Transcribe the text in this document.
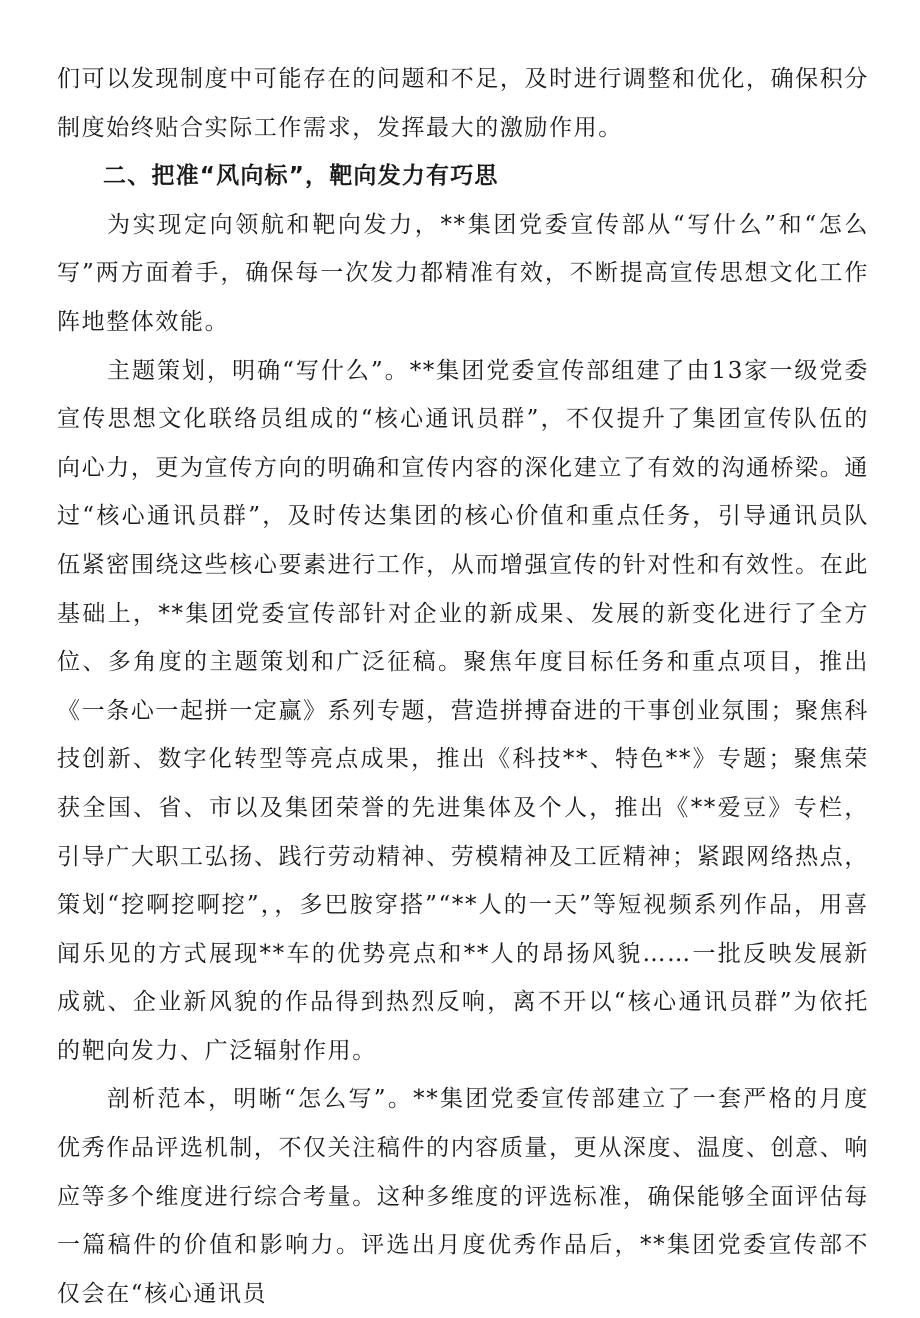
们可以发现制度中可能存在的问题和不足，及时进行调整和优化，确保积分制度始终贴合实际工作需求，发挥最大的激励作用。

二、把准“风向标”，靶向发力有巧思

为实现定向领航和靶向发力，**集团党委宣传部从“写什么”和“怎么写”两方面着手，确保每一次发力都精准有效，不断提高宣传思想文化工作阵地整体效能。

主题策划，明确“写什么”。**集团党委宣传部组建了由13家一级党委宣传思想文化联络员组成的“核心通讯员群”，不仅提升了集团宣传队伍的向心力，更为宣传方向的明确和宣传内容的深化建立了有效的沟通桥梁。通过“核心通讯员群”，及时传达集团的核心价值和重点任务，引导通讯员队伍紧密围绕这些核心要素进行工作，从而增强宣传的针对性和有效性。在此基础上，**集团党委宣传部针对企业的新成果、发展的新变化进行了全方位、多角度的主题策划和广泛征稿。聚焦年度目标任务和重点项目，推出《一条心一起拼一定赢》系列专题，营造拼搏奋进的干事创业氛围；聚焦科技创新、数字化转型等亮点成果，推出《科技**、特色**》专题；聚焦荣获全国、省、市以及集团荣誉的先进集体及个人，推出《**爱豆》专栏，引导广大职工弘扬、践行劳动精神、劳模精神及工匠精神；紧跟网络热点，策划“挖啊挖啊挖”，，多巴胺穿搭”“**人的一天”等短视频系列作品，用喜闻乐见的方式展现**车的优势亮点和**人的昂扬风貌……一批反映发展新成就、企业新风貌的作品得到热烈反响，离不开以“核心通讯员群”为依托的靶向发力、广泛辐射作用。

剖析范本，明晰“怎么写”。**集团党委宣传部建立了一套严格的月度优秀作品评选机制，不仅关注稿件的内容质量，更从深度、温度、创意、响应等多个维度进行综合考量。这种多维度的评选标准，确保能够全面评估每一篇稿件的价值和影响力。评选出月度优秀作品后，**集团党委宣传部不仅会在“核心通讯员
